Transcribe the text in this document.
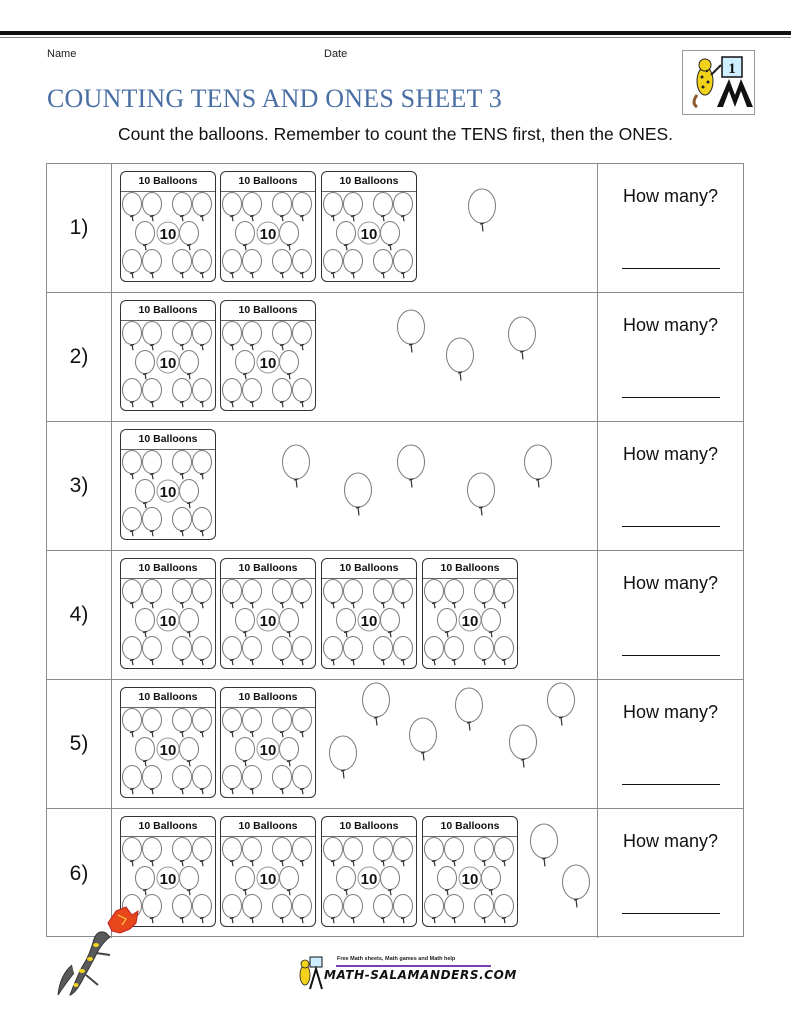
Name	Date
1
COUNTING TENS AND ONES SHEET 3
Count the balloons. Remember to count the TENS first, then the ONES.
1)
10 Balloons
10
10 Balloons
10
10 Balloons
10
How many?
2)
10 Balloons
10
10 Balloons
10
How many?
3)
10 Balloons
10
How many?
4)
10 Balloons
10
10 Balloons
10
10 Balloons
10
10 Balloons
10
How many?
5)
10 Balloons
10
10 Balloons
10
How many?
6)
10 Balloons
10
10 Balloons
10
10 Balloons
10
10 Balloons
10
How many?
Free Math sheets, Math games and Math help
MATH-SALAMANDERS.COM
